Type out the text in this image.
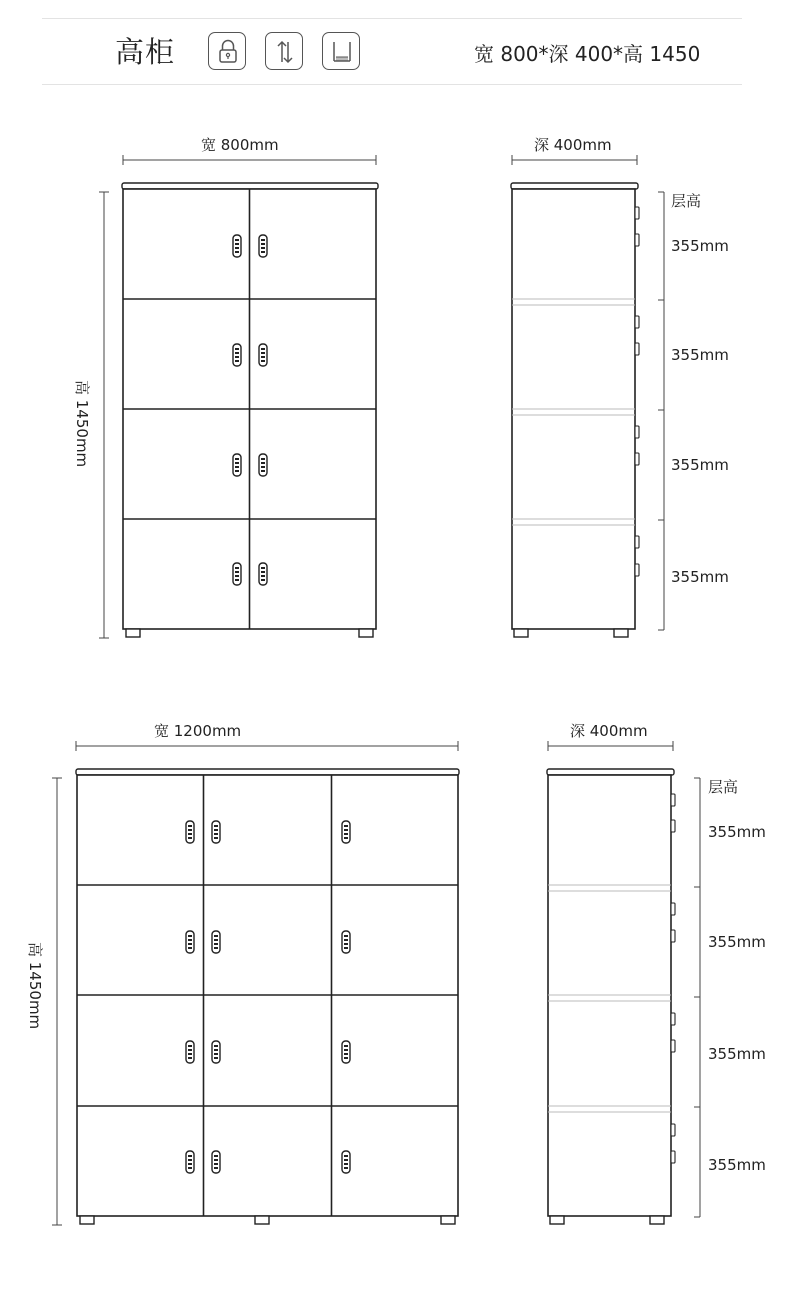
高柜	宽 800*深 400*高 1450
宽 800mm
高 1450mm
深 400mm
层高
355mm
355mm
355mm
355mm
宽 1200mm
高 1450mm
深 400mm
层高
355mm
355mm
355mm
355mm
